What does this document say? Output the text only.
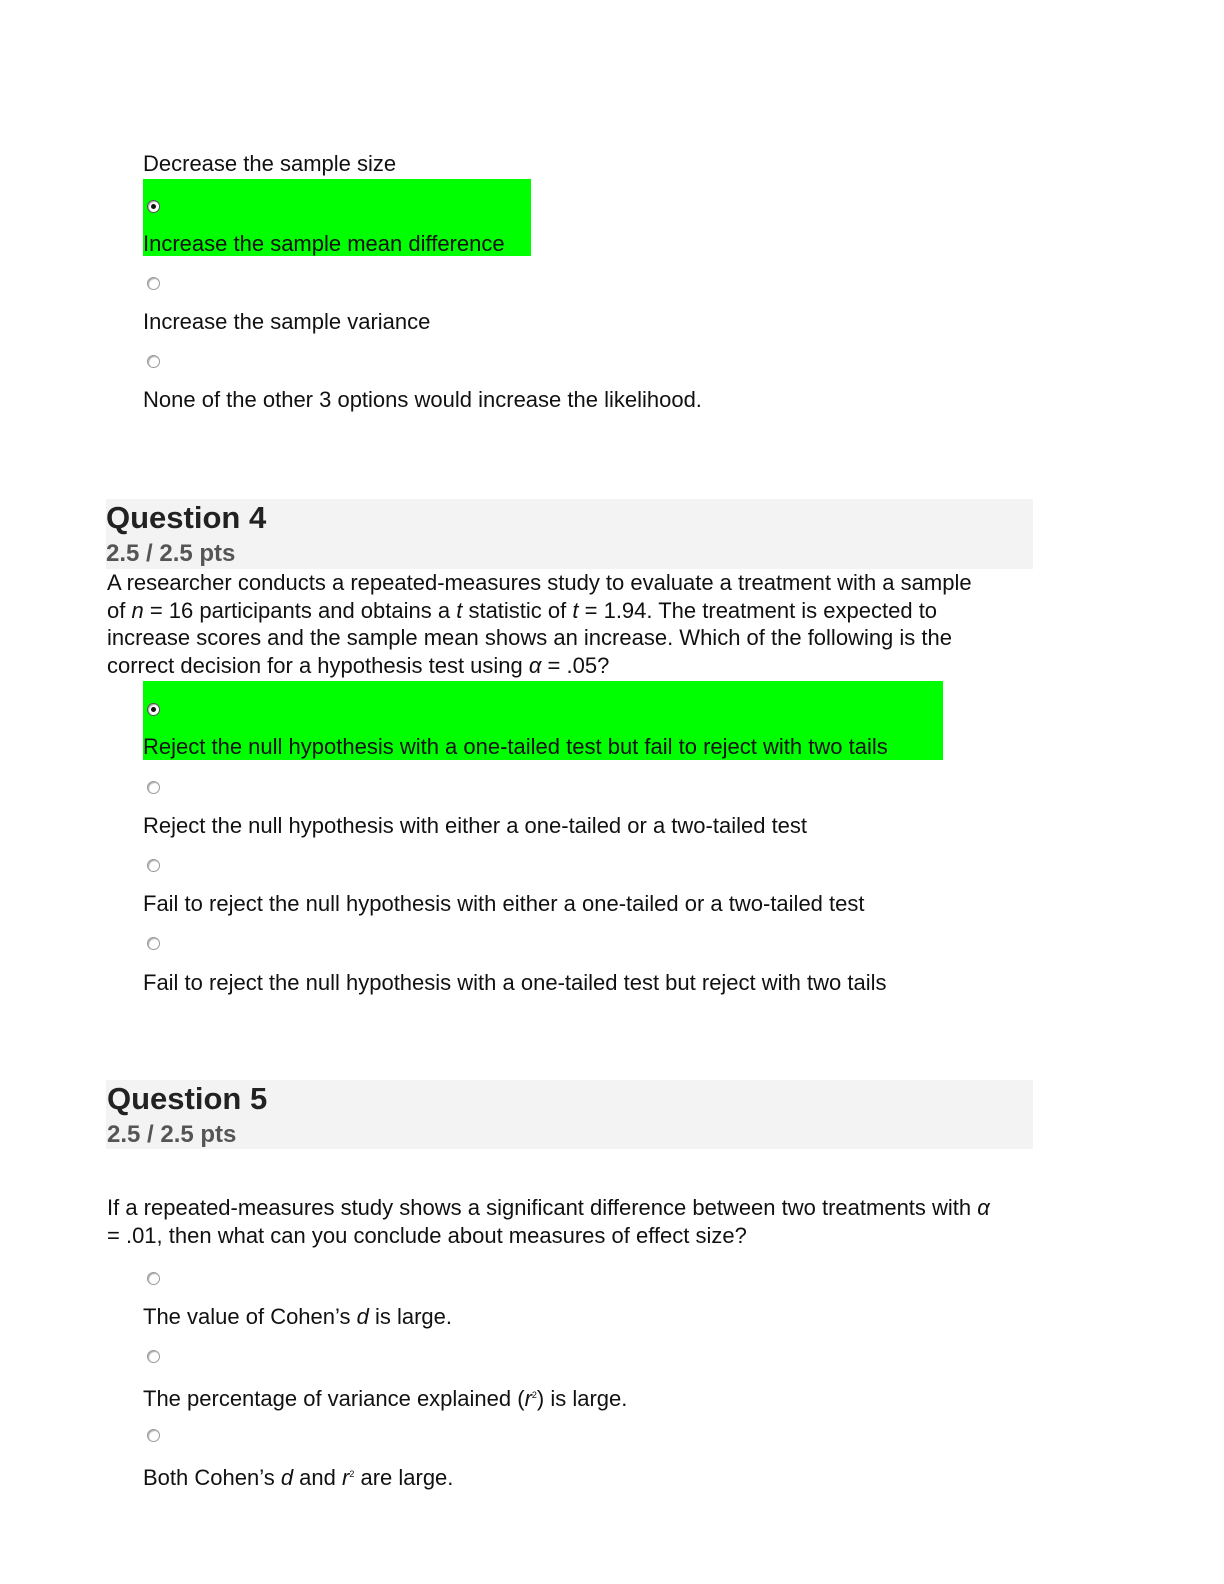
Decrease the sample size
Increase the sample mean difference
Increase the sample variance
None of the other 3 options would increase the likelihood.
Question 4
2.5 / 2.5 pts
A researcher conducts a repeated-measures study to evaluate a treatment with a sample
of n = 16 participants and obtains a t statistic of t = 1.94. The treatment is expected to
increase scores and the sample mean shows an increase. Which of the following is the
correct decision for a hypothesis test using α = .05?
Reject the null hypothesis with a one-tailed test but fail to reject with two tails
Reject the null hypothesis with either a one-tailed or a two-tailed test
Fail to reject the null hypothesis with either a one-tailed or a two-tailed test
Fail to reject the null hypothesis with a one-tailed test but reject with two tails
Question 5
2.5 / 2.5 pts
If a repeated-measures study shows a significant difference between two treatments with α
= .01, then what can you conclude about measures of effect size?
The value of Cohen’s d is large.
The percentage of variance explained $(r^2)$ is large.
Both Cohen’s d and $r^2$ are large.
